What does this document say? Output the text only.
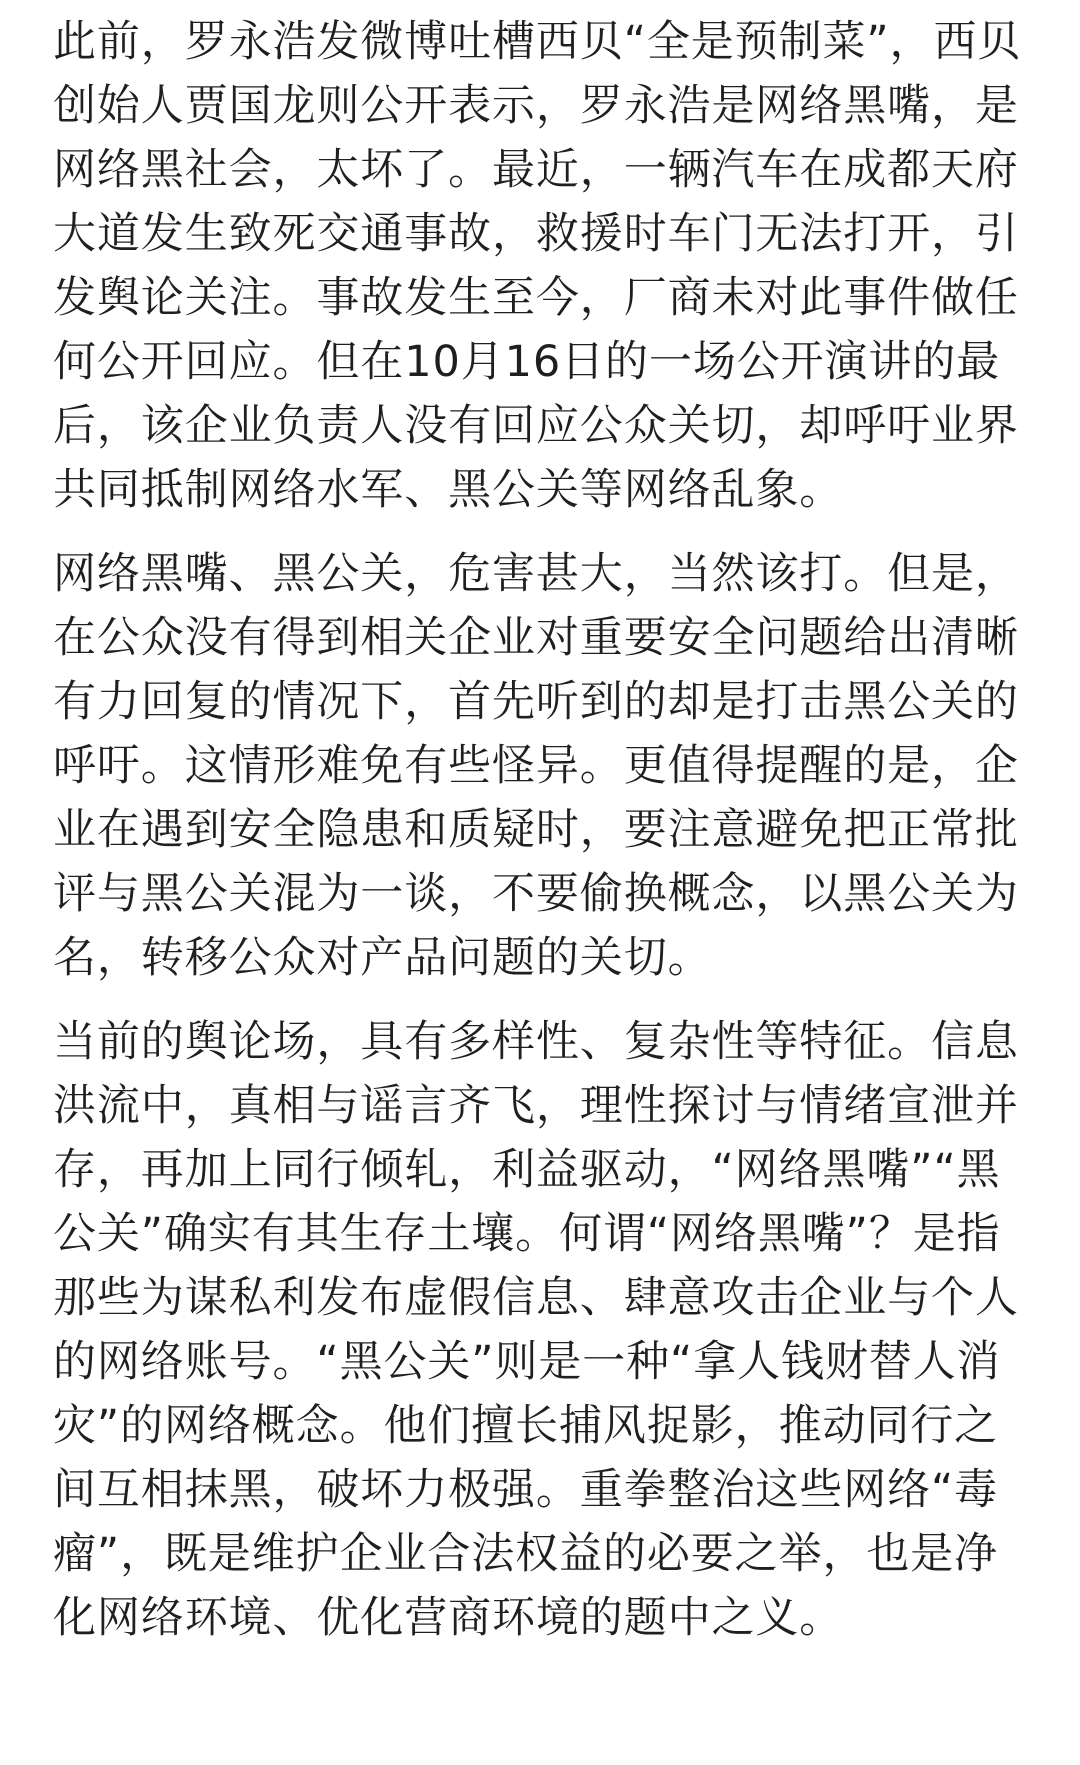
此前，罗永浩发微博吐槽西贝“全是预制菜”，西贝
创始人贾国龙则公开表示，罗永浩是网络黑嘴，是
网络黑社会，太坏了。最近，一辆汽车在成都天府
大道发生致死交通事故，救援时车门无法打开，引
发舆论关注。事故发生至今，厂商未对此事件做任
何公开回应。但在10月16日的一场公开演讲的最
后，该企业负责人没有回应公众关切，却呼吁业界
共同抵制网络水军、黑公关等网络乱象。
网络黑嘴、黑公关，危害甚大，当然该打。但是，
在公众没有得到相关企业对重要安全问题给出清晰
有力回复的情况下，首先听到的却是打击黑公关的
呼吁。这情形难免有些怪异。更值得提醒的是，企
业在遇到安全隐患和质疑时，要注意避免把正常批
评与黑公关混为一谈，不要偷换概念，以黑公关为
名，转移公众对产品问题的关切。
当前的舆论场，具有多样性、复杂性等特征。信息
洪流中，真相与谣言齐飞，理性探讨与情绪宣泄并
存，再加上同行倾轧，利益驱动，“网络黑嘴”“黑
公关”确实有其生存土壤。何谓“网络黑嘴”？是指
那些为谋私利发布虚假信息、肆意攻击企业与个人
的网络账号。“黑公关”则是一种“拿人钱财替人消
灾”的网络概念。他们擅长捕风捉影，推动同行之
间互相抹黑，破坏力极强。重拳整治这些网络“毒
瘤”，既是维护企业合法权益的必要之举，也是净
化网络环境、优化营商环境的题中之义。
